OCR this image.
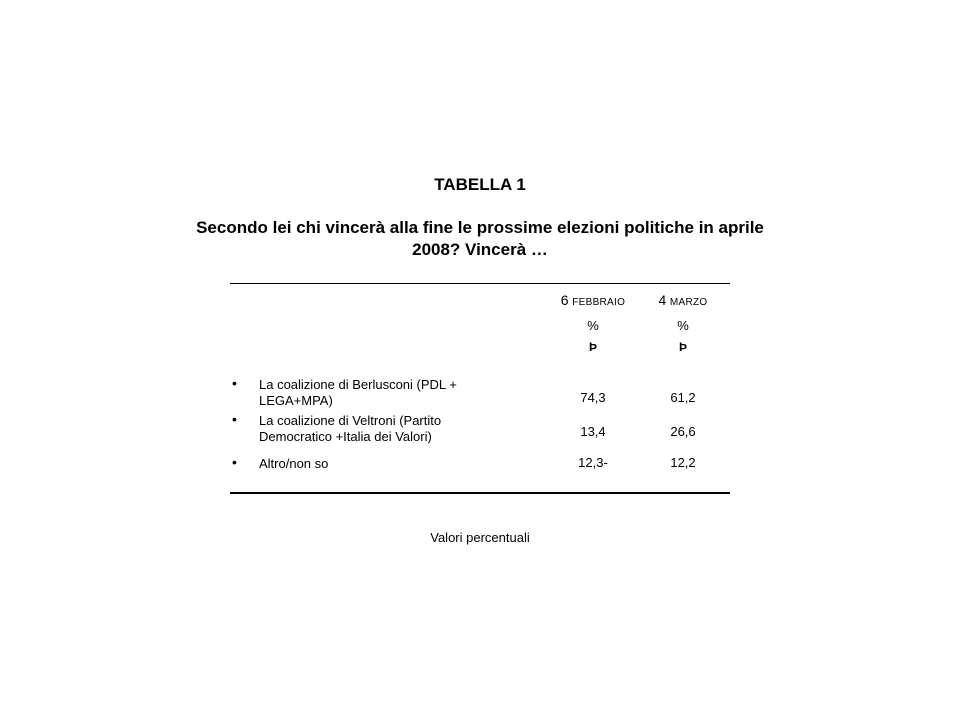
TABELLA 1
Secondo lei chi vincerà alla fine le prossime elezioni politiche in aprile
2008? Vincerà …
6 FEBBRAIO	4 MARZO
%	%
Þ	Þ
• La coalizione di Berlusconi (PDL +
LEGA+MPA)	74,3	61,2
• La coalizione di Veltroni (Partito
Democratico +Italia dei Valori)	13,4	26,6
• Altro/non so	12,3-	12,2
Valori percentuali
